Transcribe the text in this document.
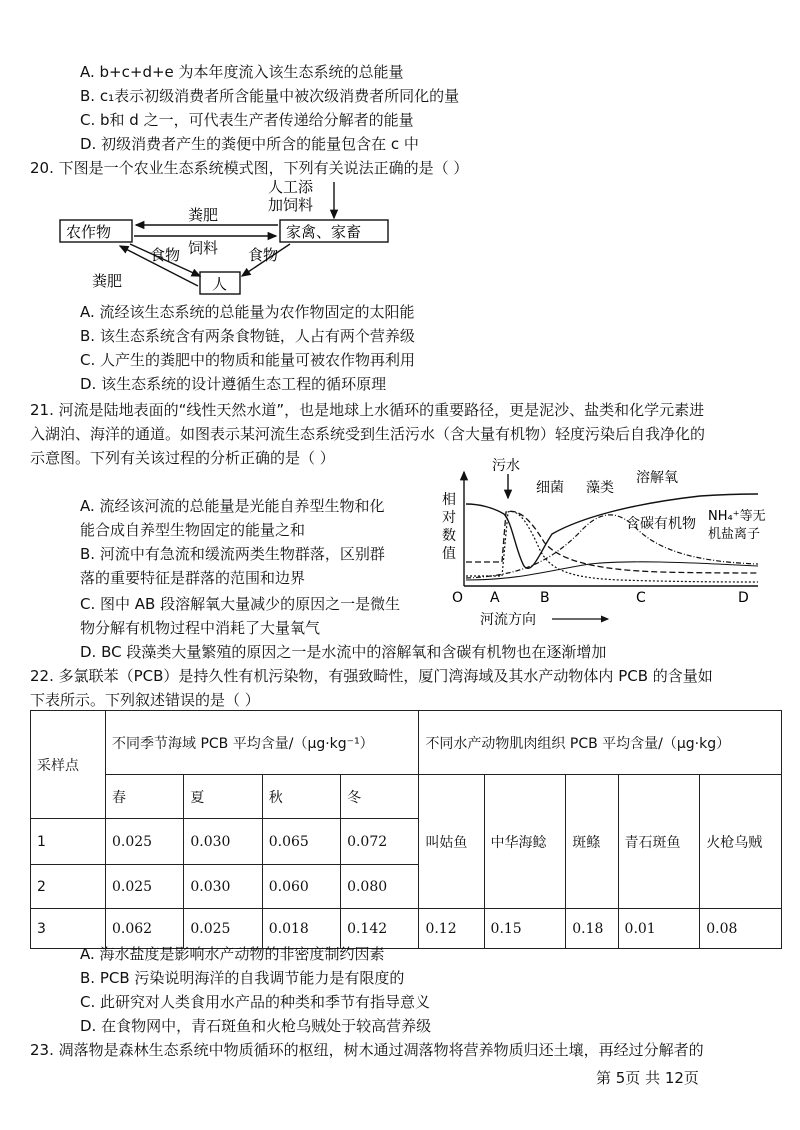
A. b+c+d+e 为本年度流入该生态系统的总能量
B. c₁表示初级消费者所含能量中被次级消费者所同化的量
C. b和 d 之一，可代表生产者传递给分解者的能量
D. 初级消费者产生的粪便中所含的能量包含在 c 中
20. 下图是一个农业生态系统模式图，下列有关说法正确的是（ ）
农作物	家禽、家畜
人
人工添
加饲料
粪肥
饲料
食物	食物
粪肥
A. 流经该生态系统的总能量为农作物固定的太阳能
B. 该生态系统含有两条食物链，人占有两个营养级
C. 人产生的粪肥中的物质和能量可被农作物再利用
D. 该生态系统的设计遵循生态工程的循环原理
21. 河流是陆地表面的“线性天然水道”，也是地球上水循环的重要路径，更是泥沙、盐类和化学元素进
入湖泊、海洋的通道。如图表示某河流生态系统受到生活污水（含大量有机物）轻度污染后自我净化的
示意图。下列有关该过程的分析正确的是（ ）
A. 流经该河流的总能量是光能自养型生物和化
能合成自养型生物固定的能量之和
B. 河流中有急流和缓流两类生物群落，区别群
落的重要特征是群落的范围和边界
C. 图中 AB 段溶解氧大量减少的原因之一是微生
物分解有机物过程中消耗了大量氧气
D. BC 段藻类大量繁殖的原因之一是水流中的溶解氧和含碳有机物也在逐渐增加
相
对
数
值
O A	B	C	D
河流方向
污水
细菌 藻类
溶解氧
含碳有机物 NH₄⁺等无
机盐离子
22. 多氯联苯（PCB）是持久性有机污染物，有强致畸性，厦门湾海域及其水产动物体内 PCB 的含量如
下表所示。下列叙述错误的是（ ）
采样点	不同季节海域 PCB 平均含量/（μg·kg⁻¹）				不同水产动物肌肉组织 PCB 平均含量/（μg·kg）				
	春	夏	秋	冬	叫姑鱼	中华海鲶	斑鲦	青石斑鱼	火枪乌贼
1	0.025	0.030	0.065	0.072					
2	0.025	0.030	0.060	0.080					
3	0.062	0.025	0.018	0.142	0.12	0.15	0.18	0.01	0.08
A. 海水盐度是影响水产动物的非密度制约因素
B. PCB 污染说明海洋的自我调节能力是有限度的
C. 此研究对人类食用水产品的种类和季节有指导意义
D. 在食物网中，青石斑鱼和火枪乌贼处于较高营养级
23. 凋落物是森林生态系统中物质循环的枢纽，树木通过凋落物将营养物质归还土壤，再经过分解者的
第 5页 共 12页
